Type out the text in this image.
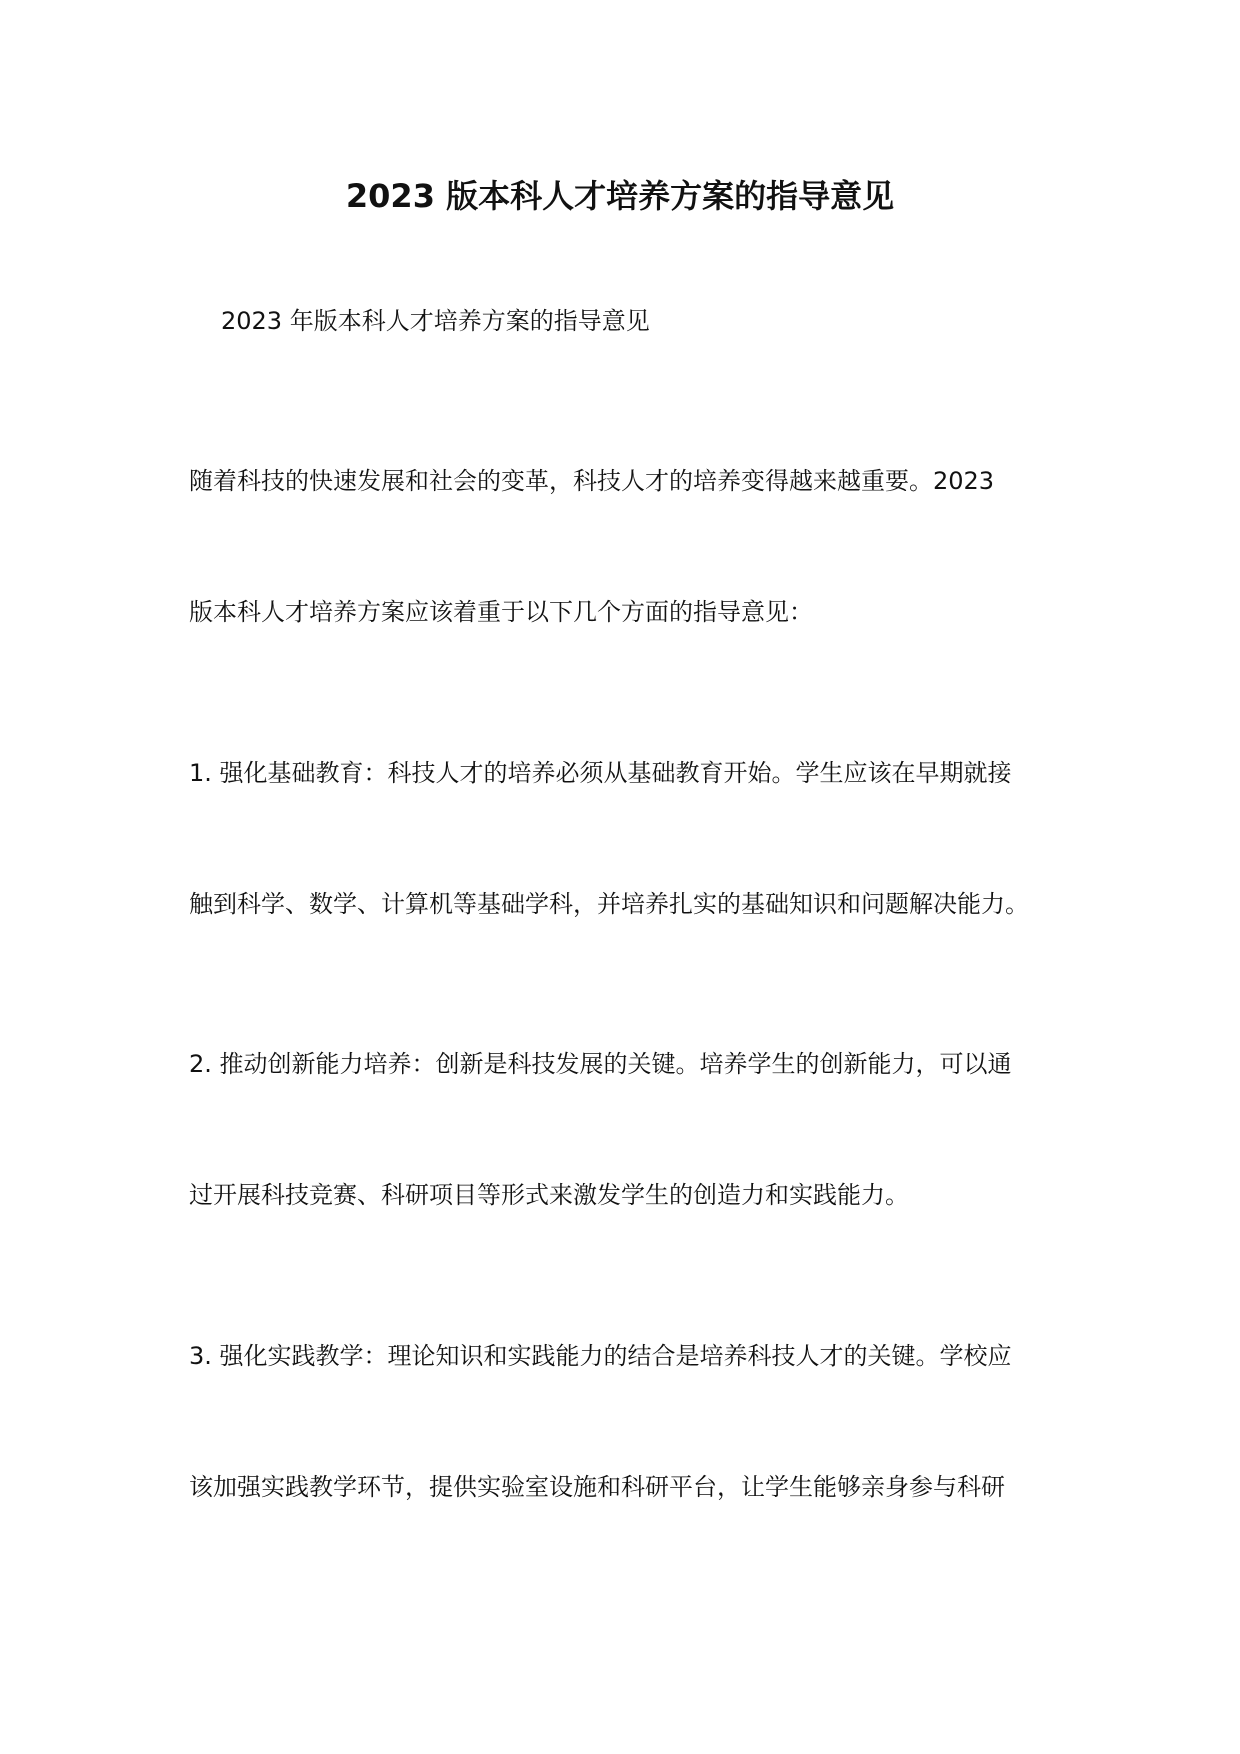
2023 版本科人才培养方案的指导意见
2023 年版本科人才培养方案的指导意见
随着科技的快速发展和社会的变革，科技人才的培养变得越来越重要。2023
版本科人才培养方案应该着重于以下几个方面的指导意见：
1. 强化基础教育：科技人才的培养必须从基础教育开始。学生应该在早期就接
触到科学、数学、计算机等基础学科，并培养扎实的基础知识和问题解决能力。
2. 推动创新能力培养：创新是科技发展的关键。培养学生的创新能力，可以通
过开展科技竞赛、科研项目等形式来激发学生的创造力和实践能力。
3. 强化实践教学：理论知识和实践能力的结合是培养科技人才的关键。学校应
该加强实践教学环节，提供实验室设施和科研平台，让学生能够亲身参与科研
